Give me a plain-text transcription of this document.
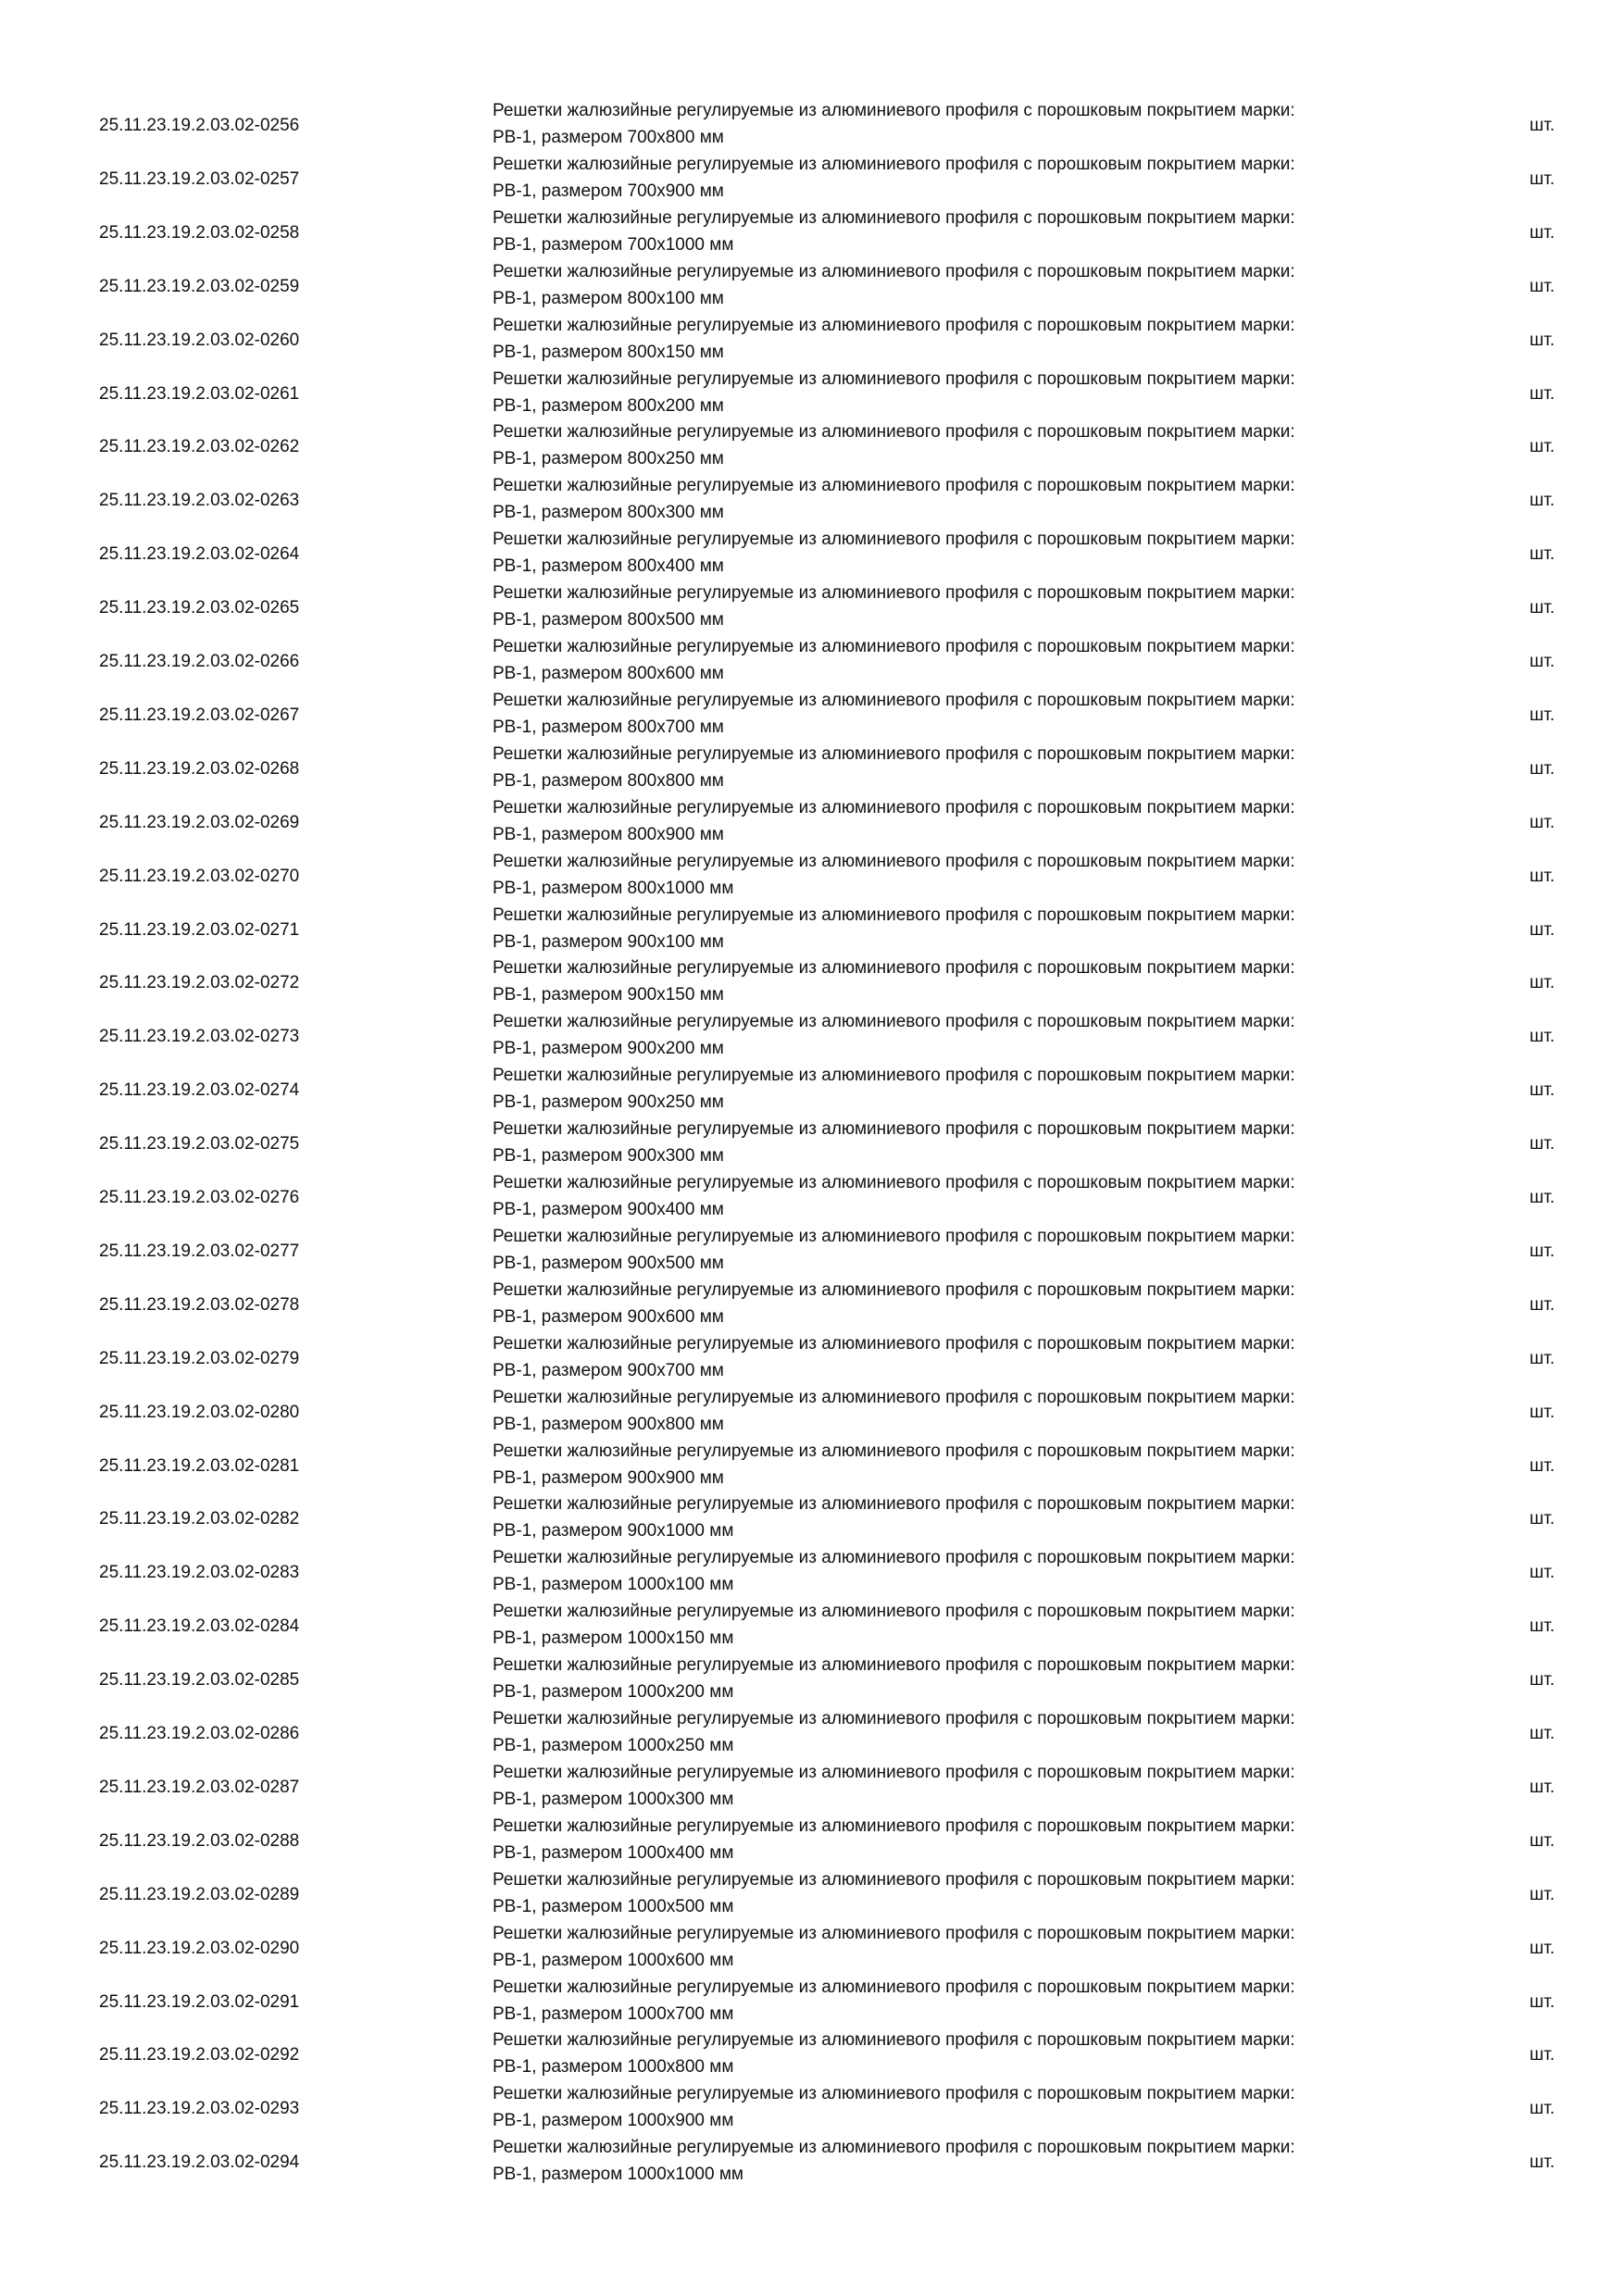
25.11.23.19.2.03.02-0256
Решетки жалюзийные регулируемые из алюминиевого профиля с порошковым покрытием марки:
РВ-1, размером 700х800 мм
шт.
25.11.23.19.2.03.02-0257
Решетки жалюзийные регулируемые из алюминиевого профиля с порошковым покрытием марки:
РВ-1, размером 700х900 мм
шт.
25.11.23.19.2.03.02-0258
Решетки жалюзийные регулируемые из алюминиевого профиля с порошковым покрытием марки:
РВ-1, размером 700х1000 мм
шт.
25.11.23.19.2.03.02-0259
Решетки жалюзийные регулируемые из алюминиевого профиля с порошковым покрытием марки:
РВ-1, размером 800х100 мм
шт.
25.11.23.19.2.03.02-0260
Решетки жалюзийные регулируемые из алюминиевого профиля с порошковым покрытием марки:
РВ-1, размером 800х150 мм
шт.
25.11.23.19.2.03.02-0261
Решетки жалюзийные регулируемые из алюминиевого профиля с порошковым покрытием марки:
РВ-1, размером 800х200 мм
шт.
25.11.23.19.2.03.02-0262
Решетки жалюзийные регулируемые из алюминиевого профиля с порошковым покрытием марки:
РВ-1, размером 800х250 мм
шт.
25.11.23.19.2.03.02-0263
Решетки жалюзийные регулируемые из алюминиевого профиля с порошковым покрытием марки:
РВ-1, размером 800х300 мм
шт.
25.11.23.19.2.03.02-0264
Решетки жалюзийные регулируемые из алюминиевого профиля с порошковым покрытием марки:
РВ-1, размером 800х400 мм
шт.
25.11.23.19.2.03.02-0265
Решетки жалюзийные регулируемые из алюминиевого профиля с порошковым покрытием марки:
РВ-1, размером 800х500 мм
шт.
25.11.23.19.2.03.02-0266
Решетки жалюзийные регулируемые из алюминиевого профиля с порошковым покрытием марки:
РВ-1, размером 800х600 мм
шт.
25.11.23.19.2.03.02-0267
Решетки жалюзийные регулируемые из алюминиевого профиля с порошковым покрытием марки:
РВ-1, размером 800х700 мм
шт.
25.11.23.19.2.03.02-0268
Решетки жалюзийные регулируемые из алюминиевого профиля с порошковым покрытием марки:
РВ-1, размером 800х800 мм
шт.
25.11.23.19.2.03.02-0269
Решетки жалюзийные регулируемые из алюминиевого профиля с порошковым покрытием марки:
РВ-1, размером 800х900 мм
шт.
25.11.23.19.2.03.02-0270
Решетки жалюзийные регулируемые из алюминиевого профиля с порошковым покрытием марки:
РВ-1, размером 800х1000 мм
шт.
25.11.23.19.2.03.02-0271
Решетки жалюзийные регулируемые из алюминиевого профиля с порошковым покрытием марки:
РВ-1, размером 900х100 мм
шт.
25.11.23.19.2.03.02-0272
Решетки жалюзийные регулируемые из алюминиевого профиля с порошковым покрытием марки:
РВ-1, размером 900х150 мм
шт.
25.11.23.19.2.03.02-0273
Решетки жалюзийные регулируемые из алюминиевого профиля с порошковым покрытием марки:
РВ-1, размером 900х200 мм
шт.
25.11.23.19.2.03.02-0274
Решетки жалюзийные регулируемые из алюминиевого профиля с порошковым покрытием марки:
РВ-1, размером 900х250 мм
шт.
25.11.23.19.2.03.02-0275
Решетки жалюзийные регулируемые из алюминиевого профиля с порошковым покрытием марки:
РВ-1, размером 900х300 мм
шт.
25.11.23.19.2.03.02-0276
Решетки жалюзийные регулируемые из алюминиевого профиля с порошковым покрытием марки:
РВ-1, размером 900х400 мм
шт.
25.11.23.19.2.03.02-0277
Решетки жалюзийные регулируемые из алюминиевого профиля с порошковым покрытием марки:
РВ-1, размером 900х500 мм
шт.
25.11.23.19.2.03.02-0278
Решетки жалюзийные регулируемые из алюминиевого профиля с порошковым покрытием марки:
РВ-1, размером 900х600 мм
шт.
25.11.23.19.2.03.02-0279
Решетки жалюзийные регулируемые из алюминиевого профиля с порошковым покрытием марки:
РВ-1, размером 900х700 мм
шт.
25.11.23.19.2.03.02-0280
Решетки жалюзийные регулируемые из алюминиевого профиля с порошковым покрытием марки:
РВ-1, размером 900х800 мм
шт.
25.11.23.19.2.03.02-0281
Решетки жалюзийные регулируемые из алюминиевого профиля с порошковым покрытием марки:
РВ-1, размером 900х900 мм
шт.
25.11.23.19.2.03.02-0282
Решетки жалюзийные регулируемые из алюминиевого профиля с порошковым покрытием марки:
РВ-1, размером 900х1000 мм
шт.
25.11.23.19.2.03.02-0283
Решетки жалюзийные регулируемые из алюминиевого профиля с порошковым покрытием марки:
РВ-1, размером 1000х100 мм
шт.
25.11.23.19.2.03.02-0284
Решетки жалюзийные регулируемые из алюминиевого профиля с порошковым покрытием марки:
РВ-1, размером 1000х150 мм
шт.
25.11.23.19.2.03.02-0285
Решетки жалюзийные регулируемые из алюминиевого профиля с порошковым покрытием марки:
РВ-1, размером 1000х200 мм
шт.
25.11.23.19.2.03.02-0286
Решетки жалюзийные регулируемые из алюминиевого профиля с порошковым покрытием марки:
РВ-1, размером 1000х250 мм
шт.
25.11.23.19.2.03.02-0287
Решетки жалюзийные регулируемые из алюминиевого профиля с порошковым покрытием марки:
РВ-1, размером 1000х300 мм
шт.
25.11.23.19.2.03.02-0288
Решетки жалюзийные регулируемые из алюминиевого профиля с порошковым покрытием марки:
РВ-1, размером 1000х400 мм
шт.
25.11.23.19.2.03.02-0289
Решетки жалюзийные регулируемые из алюминиевого профиля с порошковым покрытием марки:
РВ-1, размером 1000х500 мм
шт.
25.11.23.19.2.03.02-0290
Решетки жалюзийные регулируемые из алюминиевого профиля с порошковым покрытием марки:
РВ-1, размером 1000х600 мм
шт.
25.11.23.19.2.03.02-0291
Решетки жалюзийные регулируемые из алюминиевого профиля с порошковым покрытием марки:
РВ-1, размером 1000х700 мм
шт.
25.11.23.19.2.03.02-0292
Решетки жалюзийные регулируемые из алюминиевого профиля с порошковым покрытием марки:
РВ-1, размером 1000х800 мм
шт.
25.11.23.19.2.03.02-0293
Решетки жалюзийные регулируемые из алюминиевого профиля с порошковым покрытием марки:
РВ-1, размером 1000х900 мм
шт.
25.11.23.19.2.03.02-0294
Решетки жалюзийные регулируемые из алюминиевого профиля с порошковым покрытием марки:
РВ-1, размером 1000х1000 мм
шт.
